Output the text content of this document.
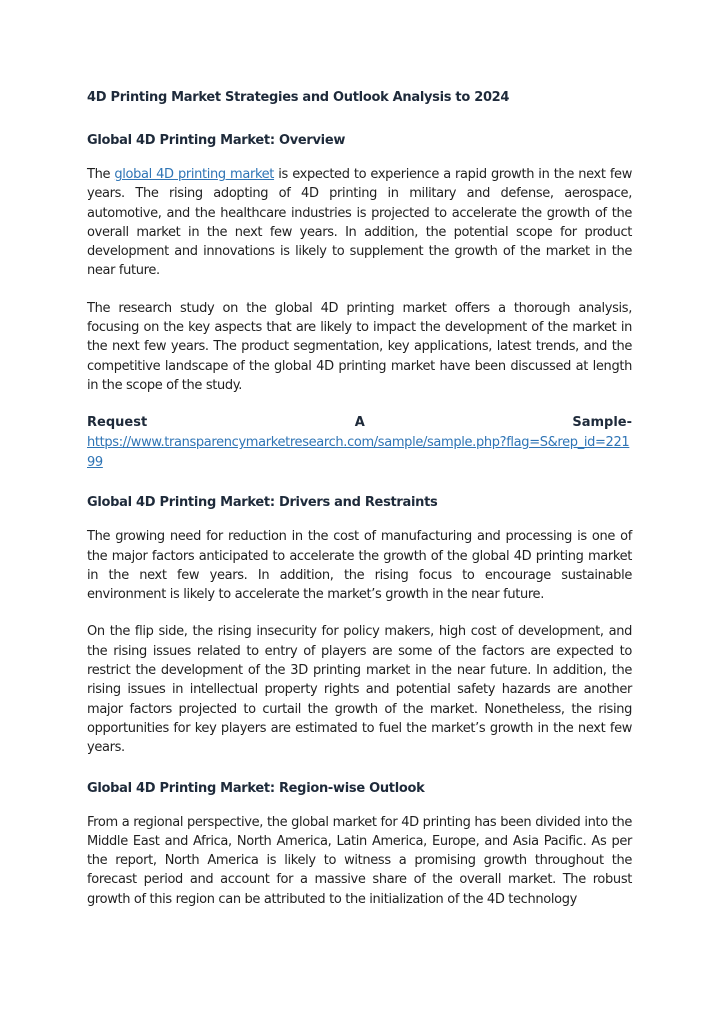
4D Printing Market Strategies and Outlook Analysis to 2024
Global 4D Printing Market: Overview

The global 4D printing market is expected to experience a rapid growth in the next few years. The rising adopting of 4D printing in military and defense, aerospace, automotive, and the healthcare industries is projected to accelerate the growth of the overall market in the next few years. In addition, the potential scope for product development and innovations is likely to supplement the growth of the market in the near future.

The research study on the global 4D printing market offers a thorough analysis, focusing on the key aspects that are likely to impact the development of the market in the next few years. The product segmentation, key applications, latest trends, and the competitive landscape of the global 4D printing market have been discussed at length in the scope of the study.

Request	A	Sample-
https://www.transparencymarketresearch.com/sample/sample.php?flag=S&rep_id=22199
Global 4D Printing Market: Drivers and Restraints

The growing need for reduction in the cost of manufacturing and processing is one of the major factors anticipated to accelerate the growth of the global 4D printing market in the next few years. In addition, the rising focus to encourage sustainable environment is likely to accelerate the market’s growth in the near future.

On the flip side, the rising insecurity for policy makers, high cost of development, and the rising issues related to entry of players are some of the factors are expected to restrict the development of the 3D printing market in the near future. In addition, the rising issues in intellectual property rights and potential safety hazards are another major factors projected to curtail the growth of the market. Nonetheless, the rising opportunities for key players are estimated to fuel the market’s growth in the next few years.

Global 4D Printing Market: Region-wise Outlook

From a regional perspective, the global market for 4D printing has been divided into the Middle East and Africa, North America, Latin America, Europe, and Asia Pacific. As per the report, North America is likely to witness a promising growth throughout the forecast period and account for a massive share of the overall market. The robust growth of this region can be attributed to the initialization of the 4D technology
